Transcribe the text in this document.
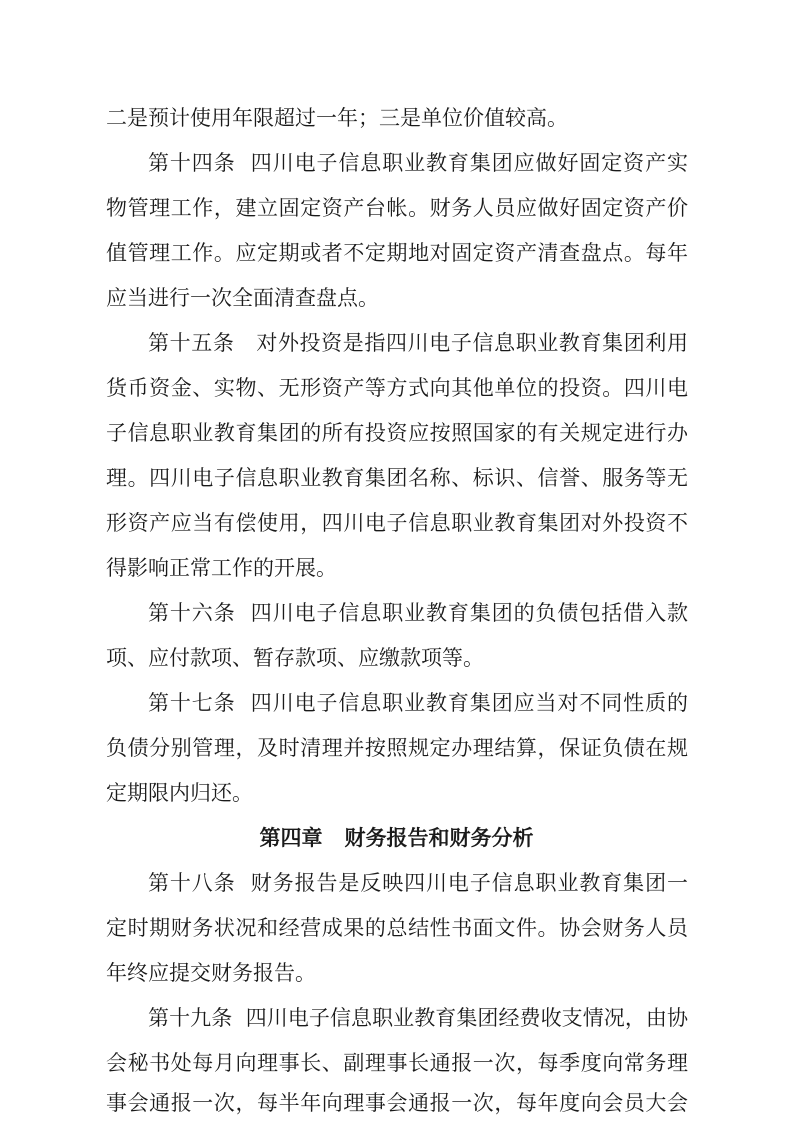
二是预计使用年限超过一年；三是单位价值较高。
第十四条  四川电子信息职业教育集团应做好固定资产实
物管理工作，建立固定资产台帐。财务人员应做好固定资产价
值管理工作。应定期或者不定期地对固定资产清查盘点。每年
应当进行一次全面清查盘点。
第十五条   对外投资是指四川电子信息职业教育集团利用
货币资金、实物、无形资产等方式向其他单位的投资。四川电
子信息职业教育集团的所有投资应按照国家的有关规定进行办
理。四川电子信息职业教育集团名称、标识、信誉、服务等无
形资产应当有偿使用，四川电子信息职业教育集团对外投资不
得影响正常工作的开展。
第十六条  四川电子信息职业教育集团的负债包括借入款
项、应付款项、暂存款项、应缴款项等。
第十七条  四川电子信息职业教育集团应当对不同性质的
负债分别管理，及时清理并按照规定办理结算，保证负债在规
定期限内归还。
第四章   财务报告和财务分析
第十八条  财务报告是反映四川电子信息职业教育集团一
定时期财务状况和经营成果的总结性书面文件。协会财务人员
年终应提交财务报告。
第十九条  四川电子信息职业教育集团经费收支情况，由协
会秘书处每月向理事长、副理事长通报一次，每季度向常务理
事会通报一次，每半年向理事会通报一次，每年度向会员大会
